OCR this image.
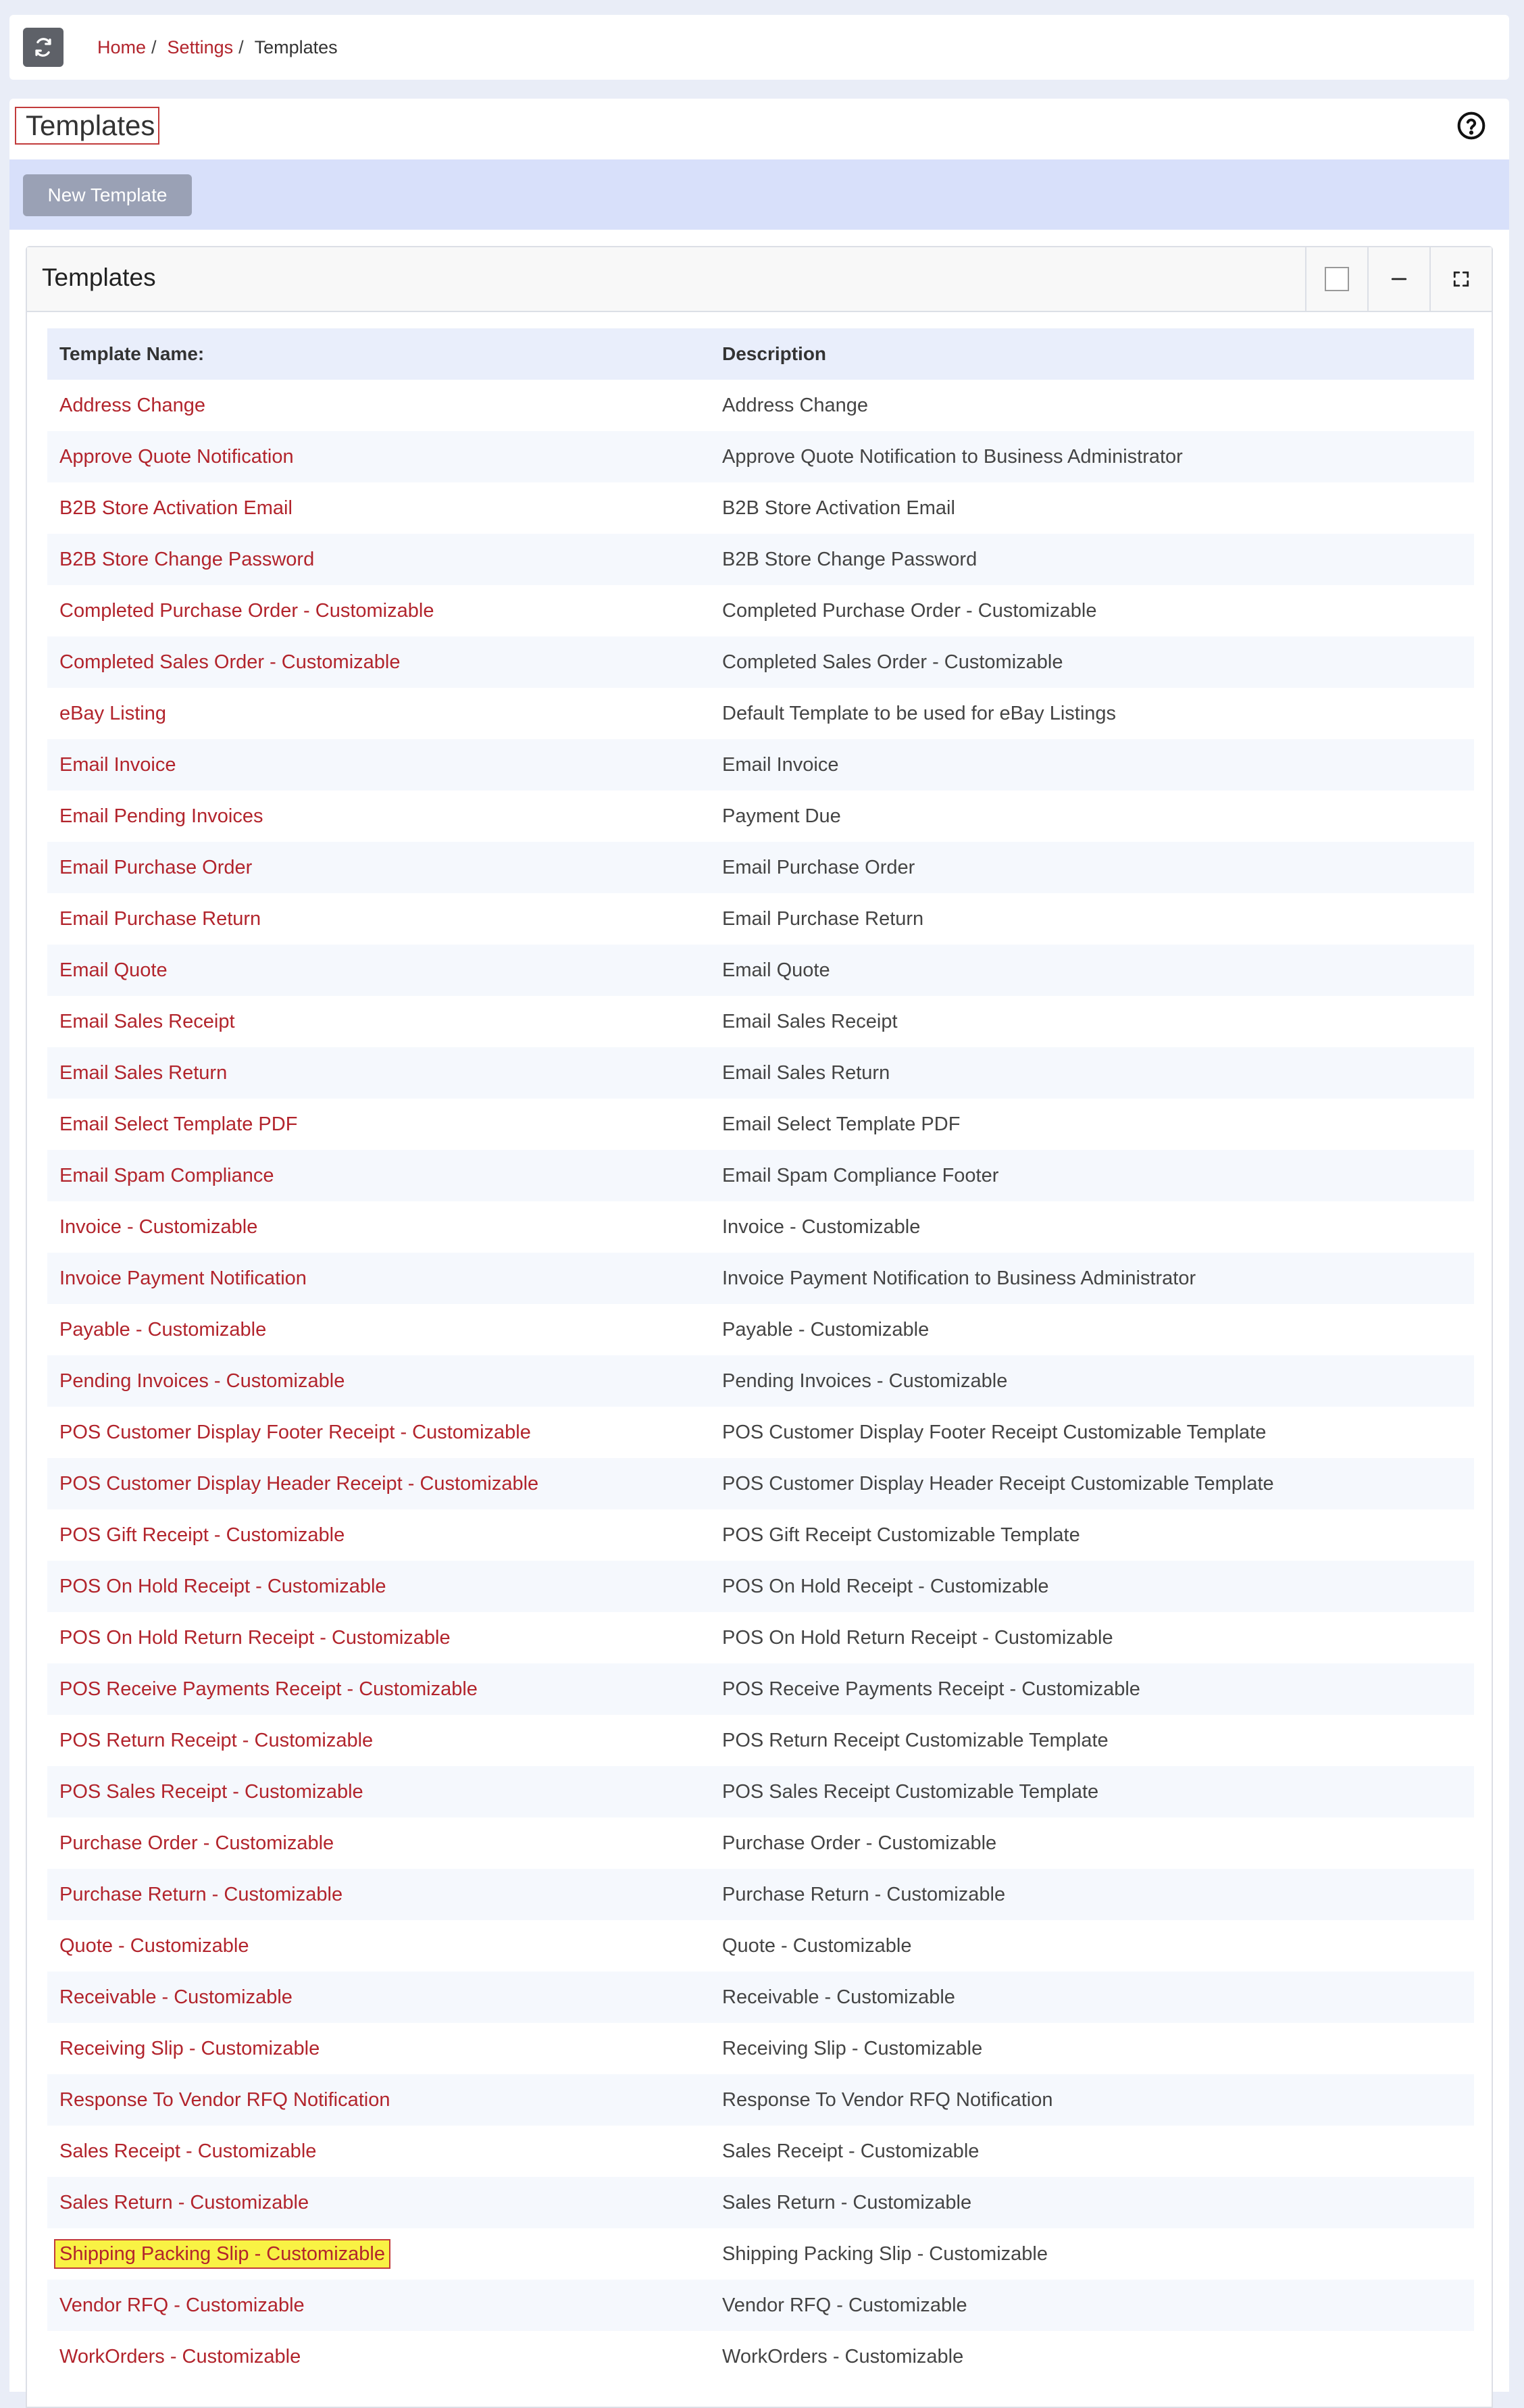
Home / Settings / Templates
Templates
New Template
Templates
Template Name:	Description
Address Change	Address Change
Approve Quote Notification	Approve Quote Notification to Business Administrator
B2B Store Activation Email	B2B Store Activation Email
B2B Store Change Password	B2B Store Change Password
Completed Purchase Order - Customizable	Completed Purchase Order - Customizable
Completed Sales Order - Customizable	Completed Sales Order - Customizable
eBay Listing	Default Template to be used for eBay Listings
Email Invoice	Email Invoice
Email Pending Invoices	Payment Due
Email Purchase Order	Email Purchase Order
Email Purchase Return	Email Purchase Return
Email Quote	Email Quote
Email Sales Receipt	Email Sales Receipt
Email Sales Return	Email Sales Return
Email Select Template PDF	Email Select Template PDF
Email Spam Compliance	Email Spam Compliance Footer
Invoice - Customizable	Invoice - Customizable
Invoice Payment Notification	Invoice Payment Notification to Business Administrator
Payable - Customizable	Payable - Customizable
Pending Invoices - Customizable	Pending Invoices - Customizable
POS Customer Display Footer Receipt - Customizable	POS Customer Display Footer Receipt Customizable Template
POS Customer Display Header Receipt - Customizable	POS Customer Display Header Receipt Customizable Template
POS Gift Receipt - Customizable	POS Gift Receipt Customizable Template
POS On Hold Receipt - Customizable	POS On Hold Receipt - Customizable
POS On Hold Return Receipt - Customizable	POS On Hold Return Receipt - Customizable
POS Receive Payments Receipt - Customizable	POS Receive Payments Receipt - Customizable
POS Return Receipt - Customizable	POS Return Receipt Customizable Template
POS Sales Receipt - Customizable	POS Sales Receipt Customizable Template
Purchase Order - Customizable	Purchase Order - Customizable
Purchase Return - Customizable	Purchase Return - Customizable
Quote - Customizable	Quote - Customizable
Receivable - Customizable	Receivable - Customizable
Receiving Slip - Customizable	Receiving Slip - Customizable
Response To Vendor RFQ Notification	Response To Vendor RFQ Notification
Sales Receipt - Customizable	Sales Receipt - Customizable
Sales Return - Customizable	Sales Return - Customizable
Shipping Packing Slip - Customizable	Shipping Packing Slip - Customizable
Vendor RFQ - Customizable	Vendor RFQ - Customizable
WorkOrders - Customizable	WorkOrders - Customizable
